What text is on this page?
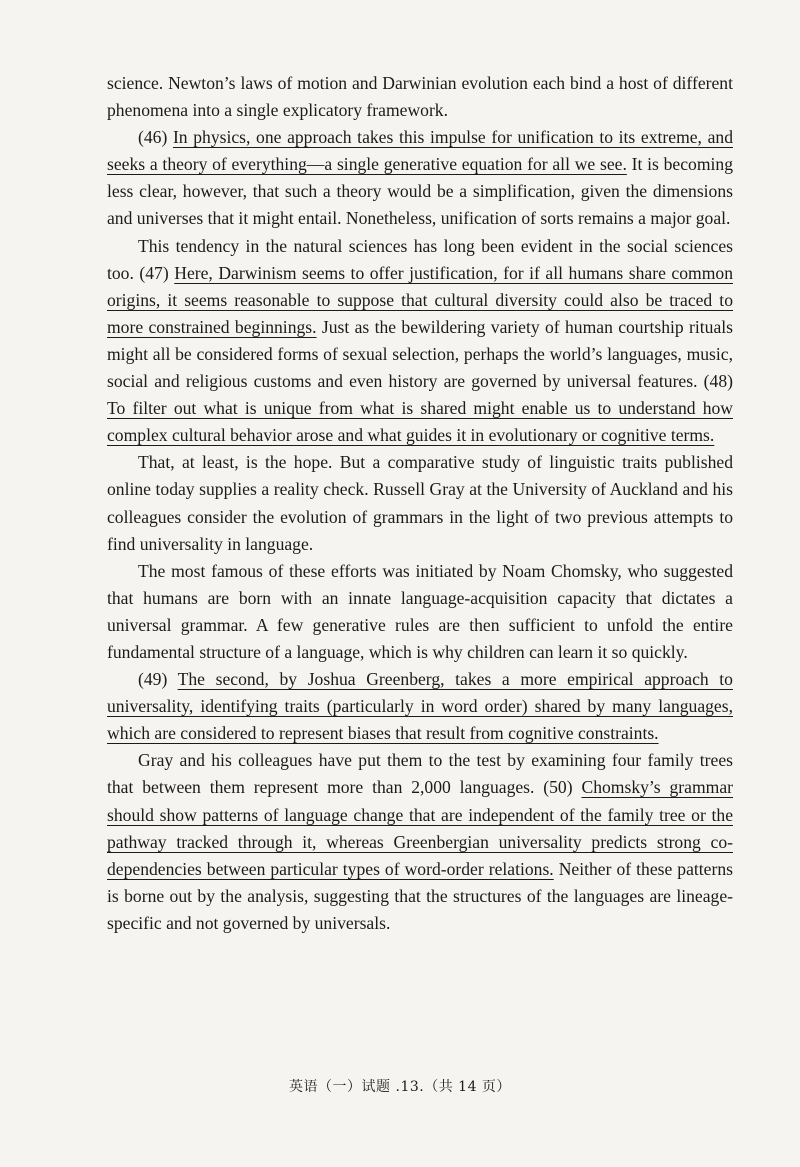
science. Newton’s laws of motion and Darwinian evolution each bind a host of different phenomena into a single explicatory framework.

(46) In physics, one approach takes this impulse for unification to its extreme, and seeks a theory of everything—a single generative equation for all we see. It is becoming less clear, however, that such a theory would be a simplification, given the dimensions and universes that it might entail. Nonetheless, unification of sorts remains a major goal.

This tendency in the natural sciences has long been evident in the social sciences too. (47) Here, Darwinism seems to offer justification, for if all humans share common origins, it seems reasonable to suppose that cultural diversity could also be traced to more constrained beginnings. Just as the bewildering variety of human courtship rituals might all be considered forms of sexual selection, perhaps the world’s languages, music, social and religious customs and even history are governed by universal features. (48) To filter out what is unique from what is shared might enable us to understand how complex cultural behavior arose and what guides it in evolutionary or cognitive terms.

That, at least, is the hope. But a comparative study of linguistic traits published online today supplies a reality check. Russell Gray at the University of Auckland and his colleagues consider the evolution of grammars in the light of two previous attempts to find universality in language.

The most famous of these efforts was initiated by Noam Chomsky, who suggested that humans are born with an innate language-acquisition capacity that dictates a universal grammar. A few generative rules are then sufficient to unfold the entire fundamental structure of a language, which is why children can learn it so quickly.

(49) The second, by Joshua Greenberg, takes a more empirical approach to universality, identifying traits (particularly in word order) shared by many languages, which are considered to represent biases that result from cognitive constraints.

Gray and his colleagues have put them to the test by examining four family trees that between them represent more than 2,000 languages. (50) Chomsky’s grammar should show patterns of language change that are independent of the family tree or the pathway tracked through it, whereas Greenbergian universality predicts strong co-dependencies between particular types of word-order relations. Neither of these patterns is borne out by the analysis, suggesting that the structures of the languages are lineage-specific and not governed by universals.

英语（一）试题 .13.（共 14 页）
